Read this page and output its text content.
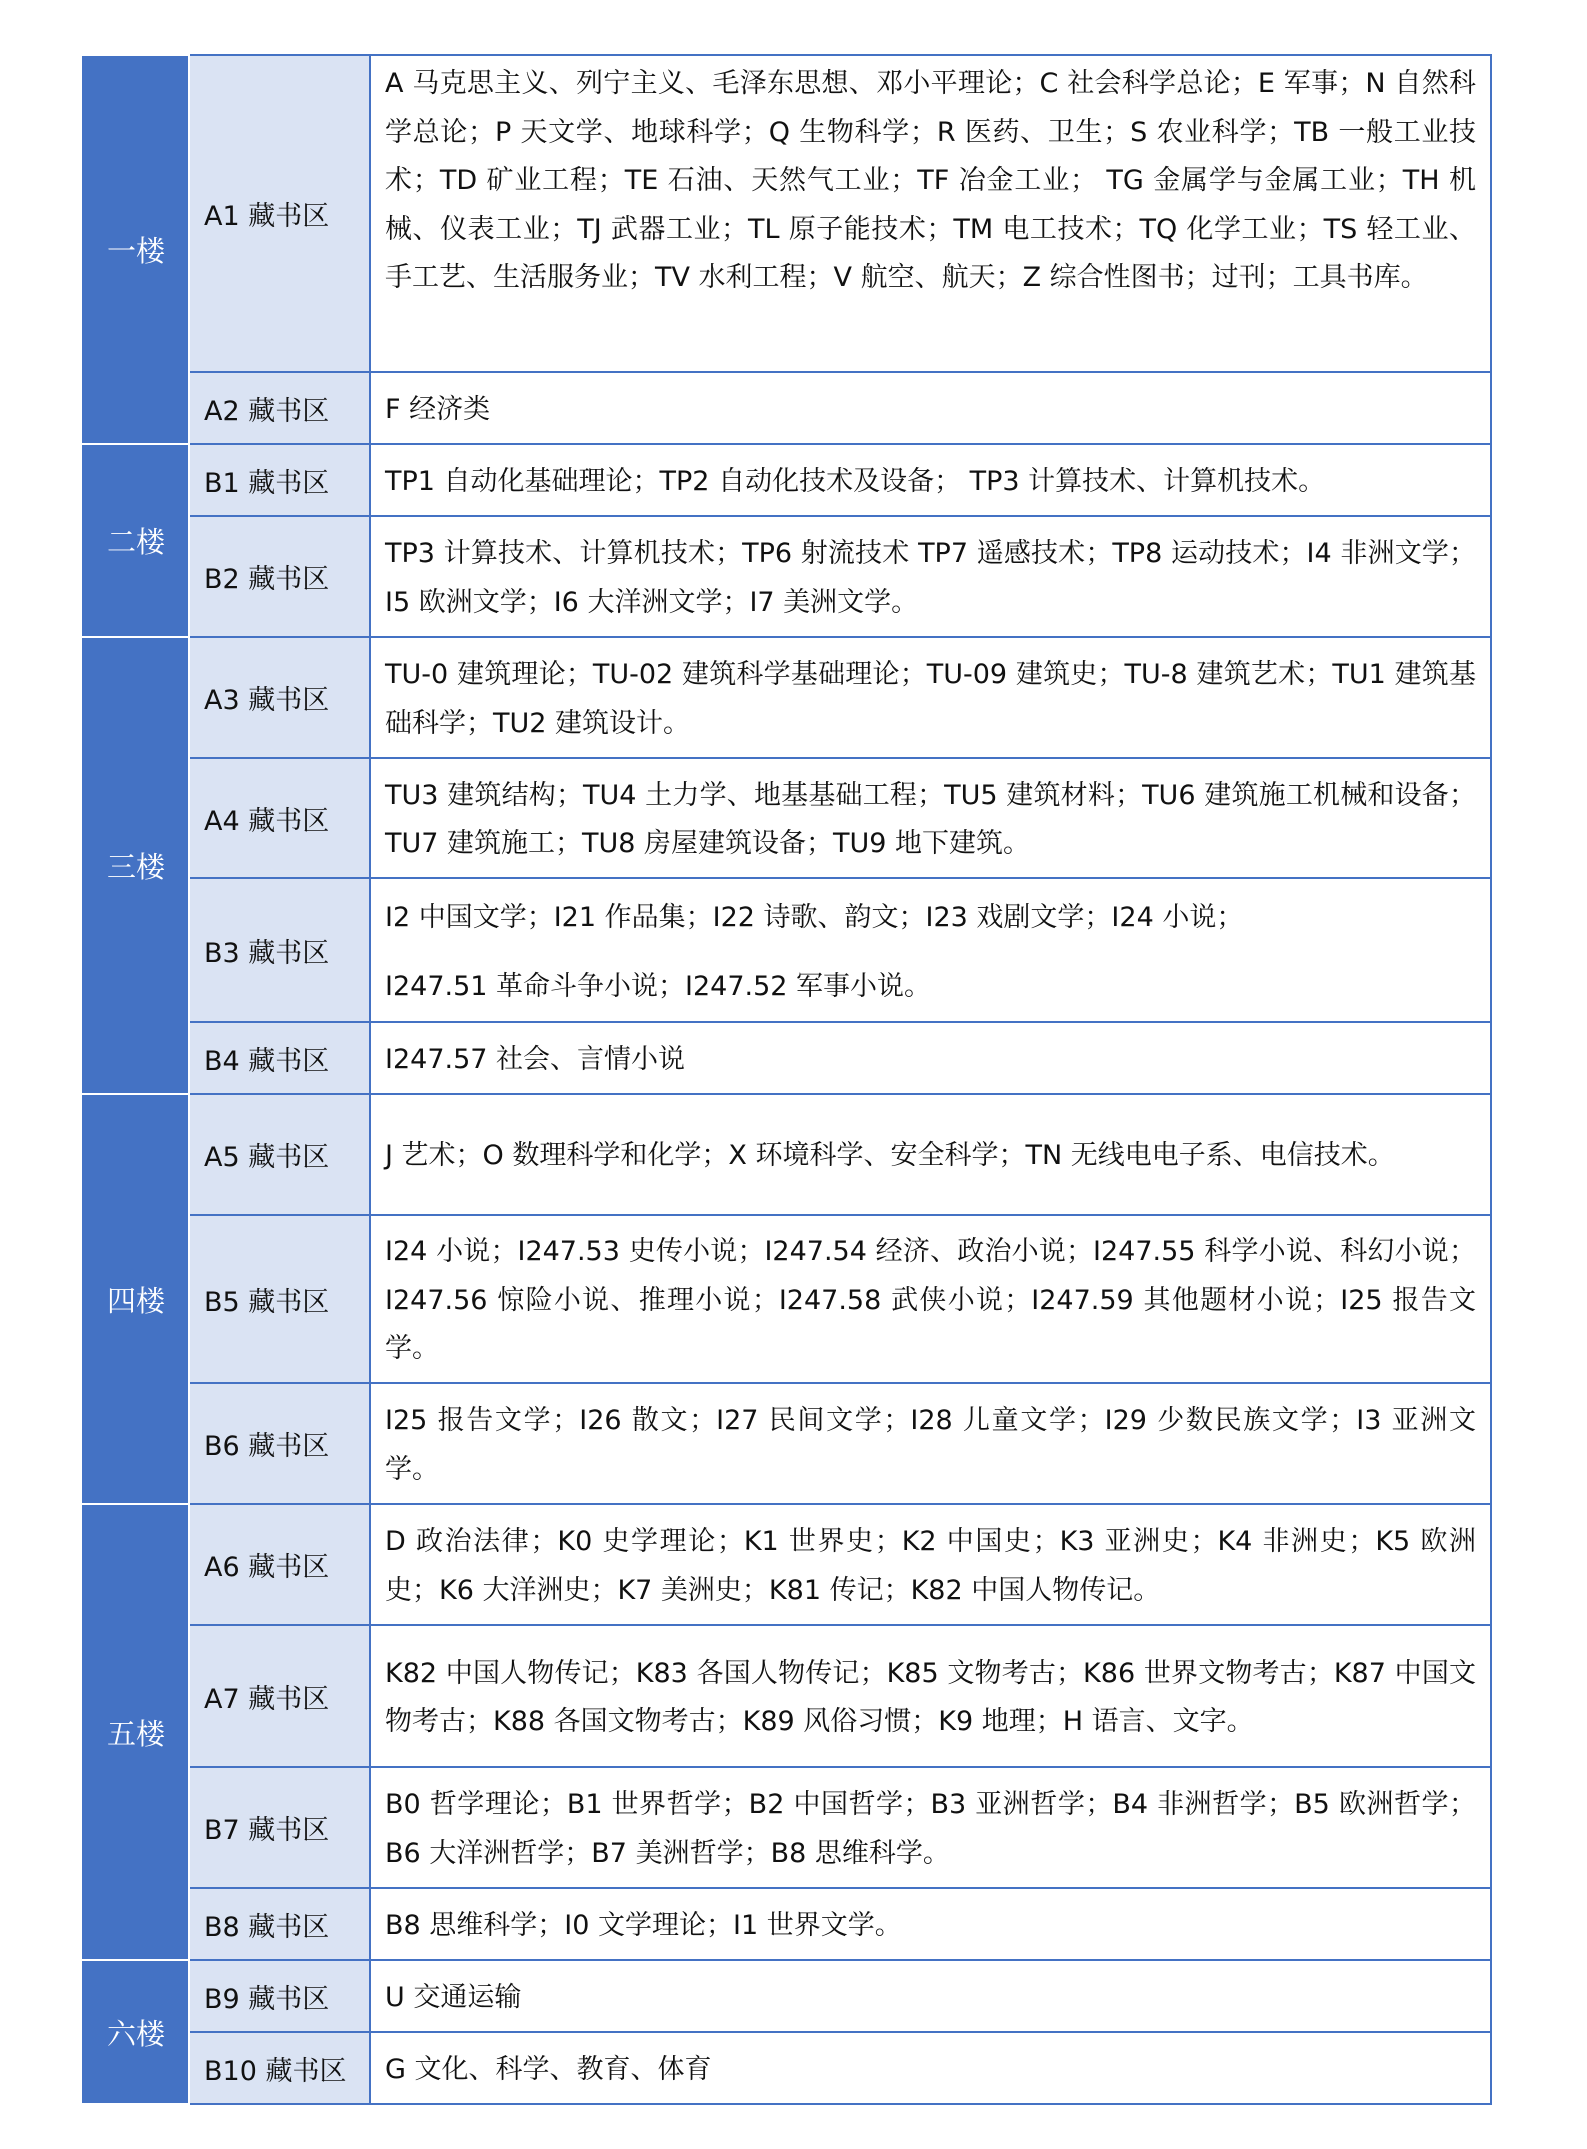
一楼	A1 藏书区	A 马克思主义、列宁主义、毛泽东思想、邓小平理论；C 社会科学总论；E 军事；N 自然科学总论；P 天文学、地球科学；Q 生物科学；R 医药、卫生；S 农业科学；TB 一般工业技术；TD 矿业工程；TE 石油、天然气工业；TF 冶金工业； TG 金属学与金属工业；TH 机械、仪表工业；TJ 武器工业；TL 原子能技术；TM 电工技术；TQ 化学工业；TS 轻工业、手工艺、生活服务业；TV 水利工程；V 航空、航天；Z 综合性图书；过刊；工具书库。
	A2 藏书区	F 经济类
二楼	B1 藏书区	TP1 自动化基础理论；TP2 自动化技术及设备； TP3 计算技术、计算机技术。
	B2 藏书区	TP3 计算技术、计算机技术；TP6 射流技术 TP7 遥感技术；TP8 运动技术；I4 非洲文学；I5 欧洲文学；I6 大洋洲文学；I7 美洲文学。
三楼	A3 藏书区	TU-0 建筑理论；TU-02 建筑科学基础理论；TU-09 建筑史；TU-8 建筑艺术；TU1 建筑基础科学；TU2 建筑设计。
	A4 藏书区	TU3 建筑结构；TU4 土力学、地基基础工程；TU5 建筑材料；TU6 建筑施工机械和设备；TU7 建筑施工；TU8 房屋建筑设备；TU9 地下建筑。
	B3 藏书区	I2 中国文学；I21 作品集；I22 诗歌、韵文；I23 戏剧文学；I24 小说；
I247.51 革命斗争小说；I247.52 军事小说。

	B4 藏书区	I247.57 社会、言情小说
四楼	A5 藏书区	J 艺术；O 数理科学和化学；X 环境科学、安全科学；TN 无线电电子系、电信技术。
	B5 藏书区	I24 小说；I247.53 史传小说；I247.54 经济、政治小说；I247.55 科学小说、科幻小说；I247.56 惊险小说、推理小说；I247.58 武侠小说；I247.59 其他题材小说；I25 报告文学。
	B6 藏书区	I25 报告文学；I26 散文；I27 民间文学；I28 儿童文学；I29 少数民族文学；I3 亚洲文学。
五楼	A6 藏书区	D 政治法律；K0 史学理论；K1 世界史；K2 中国史；K3 亚洲史；K4 非洲史；K5 欧洲史；K6 大洋洲史；K7 美洲史；K81 传记；K82 中国人物传记。
	A7 藏书区	K82 中国人物传记；K83 各国人物传记；K85 文物考古；K86 世界文物考古；K87 中国文物考古；K88 各国文物考古；K89 风俗习惯；K9 地理；H 语言、文字。
	B7 藏书区	B0 哲学理论；B1 世界哲学；B2 中国哲学；B3 亚洲哲学；B4 非洲哲学；B5 欧洲哲学；B6 大洋洲哲学；B7 美洲哲学；B8 思维科学。
	B8 藏书区	B8 思维科学；I0 文学理论；I1 世界文学。
六楼	B9 藏书区	U 交通运输
	B10 藏书区	G 文化、科学、教育、体育
